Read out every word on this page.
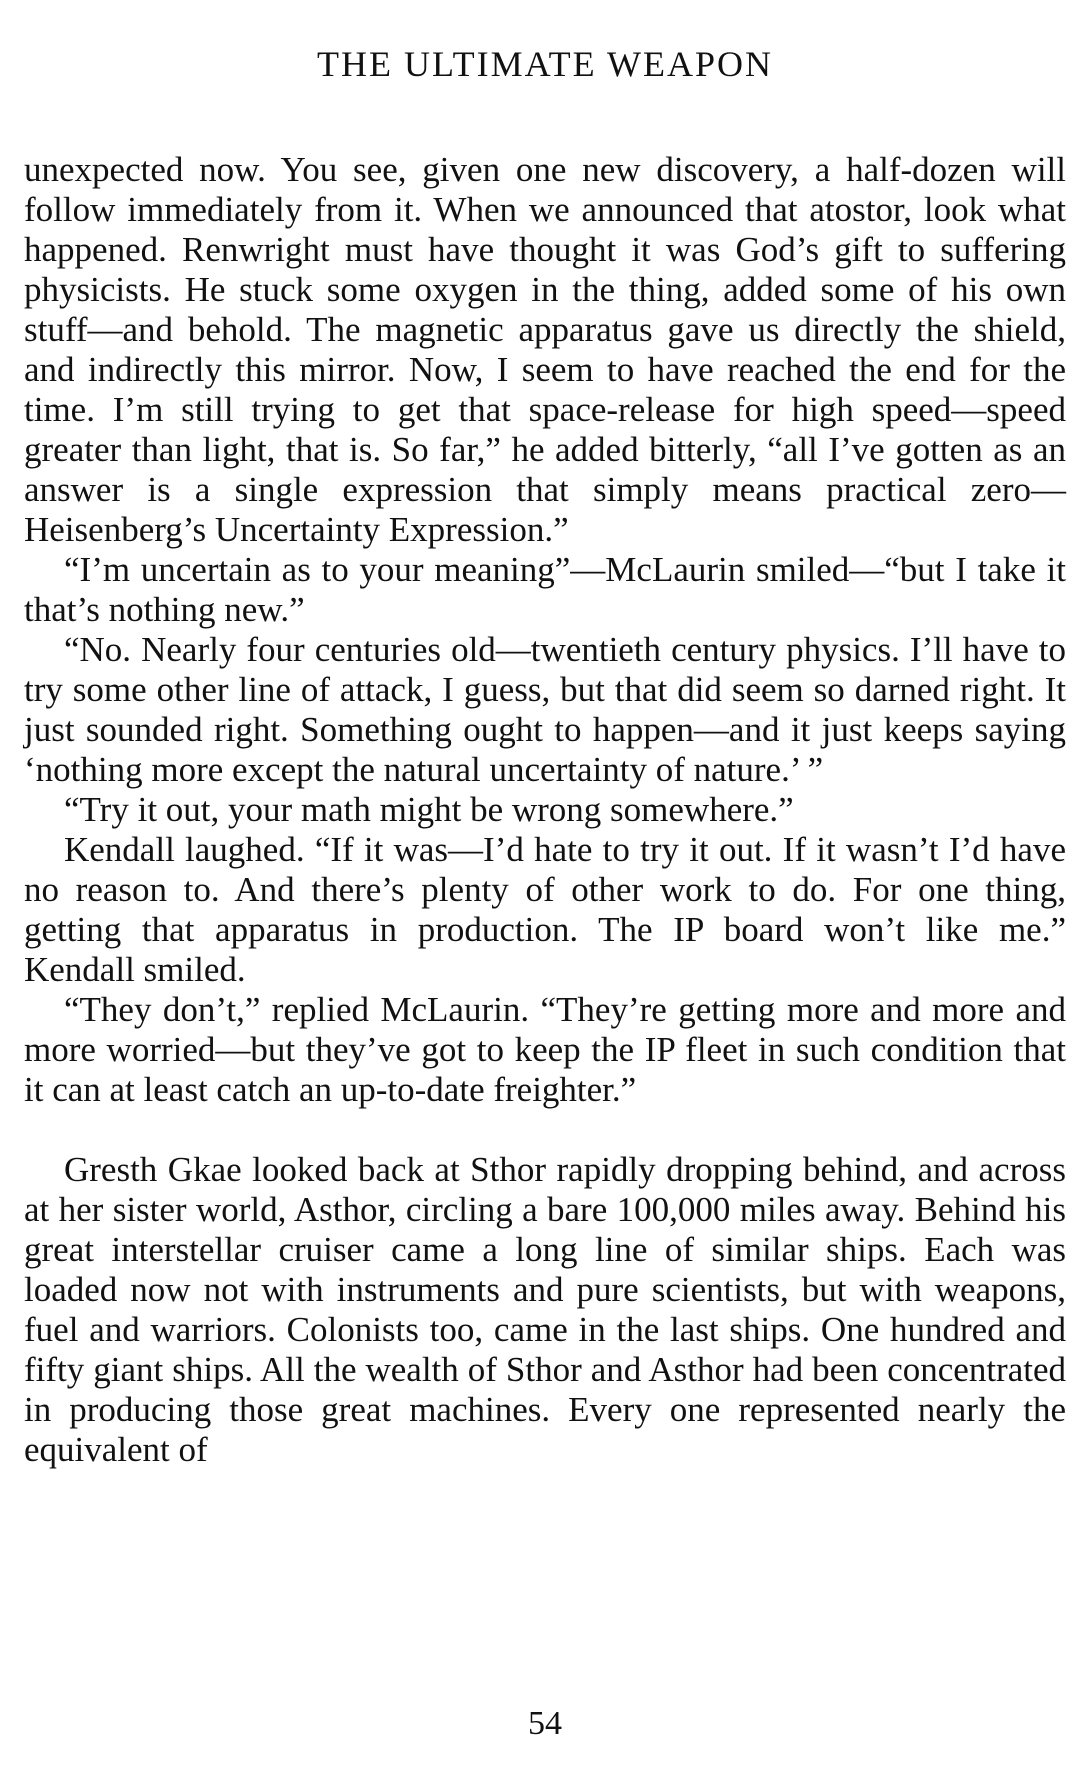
THE ULTIMATE WEAPON

unexpected now. You see, given one new discovery, a half-dozen will follow immediately from it. When we announced that atostor, look what happened. Renwright must have thought it was God’s gift to suffering physicists. He stuck some oxygen in the thing, added some of his own stuff—and behold. The magnetic apparatus gave us directly the shield, and indirectly this mirror. Now, I seem to have reached the end for the time. I’m still trying to get that space-release for high speed—speed greater than light, that is. So far,” he added bitterly, “all I’ve gotten as an answer is a single expression that simply means practical zero—Heisenberg’s Uncertainty Expression.”

“I’m uncertain as to your meaning”—McLaurin smiled—“but I take it that’s nothing new.”

“No. Nearly four centuries old—twentieth century physics. I’ll have to try some other line of attack, I guess, but that did seem so darned right. It just sounded right. Something ought to happen—and it just keeps saying ‘nothing more except the natural uncertainty of nature.’ ”

“Try it out, your math might be wrong somewhere.”

Kendall laughed. “If it was—I’d hate to try it out. If it wasn’t I’d have no reason to. And there’s plenty of other work to do. For one thing, getting that apparatus in production. The IP board won’t like me.” Kendall smiled.

“They don’t,” replied McLaurin. “They’re getting more and more and more worried—but they’ve got to keep the IP fleet in such condition that it can at least catch an up-to-date freighter.”

Gresth Gkae looked back at Sthor rapidly dropping behind, and across at her sister world, Asthor, circling a bare 100,000 miles away. Behind his great interstellar cruiser came a long line of similar ships. Each was loaded now not with instruments and pure scientists, but with weapons, fuel and warriors. Colonists too, came in the last ships. One hundred and fifty giant ships. All the wealth of Sthor and Asthor had been concentrated in producing those great machines. Every one represented nearly the equivalent of

54
